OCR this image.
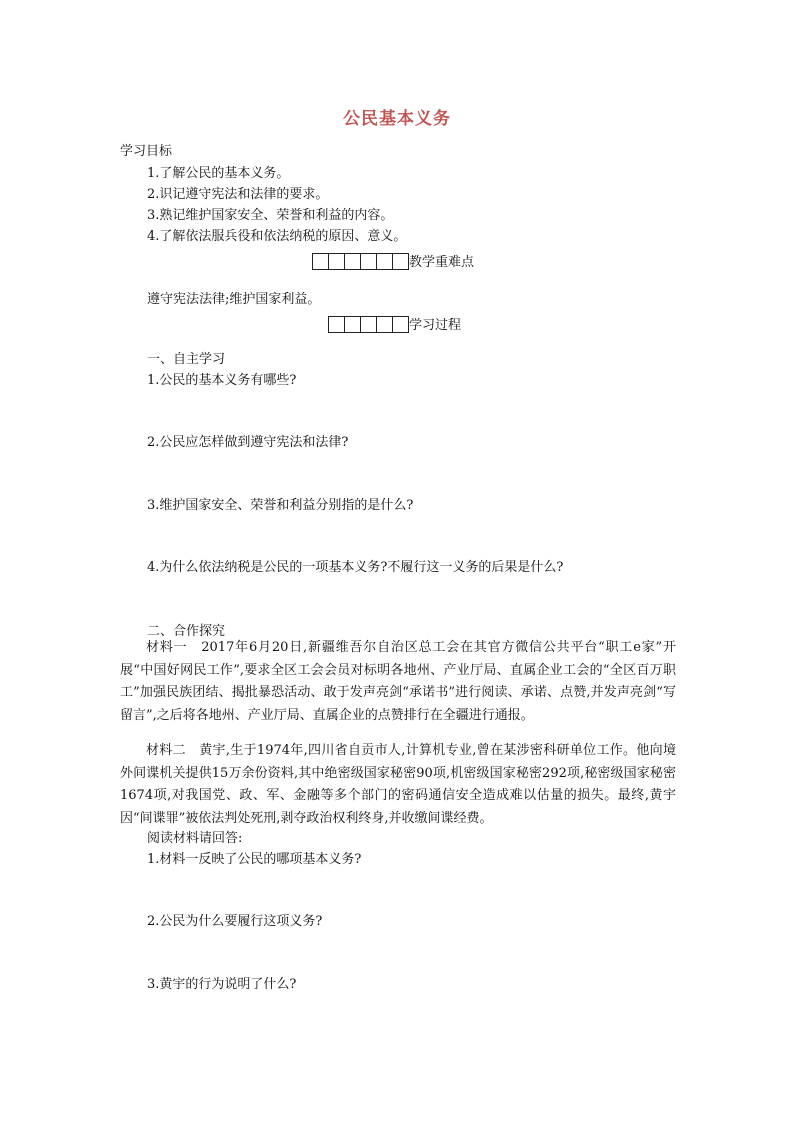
公民基本义务
学习目标
1.了解公民的基本义务。
2.识记遵守宪法和法律的要求。
3.熟记维护国家安全、荣誉和利益的内容。
4.了解依法服兵役和依法纳税的原因、意义。
教学重难点
遵守宪法法律;维护国家利益。
学习过程
一、自主学习
1.公民的基本义务有哪些?
2.公民应怎样做到遵守宪法和法律?
3.维护国家安全、荣誉和利益分别指的是什么?
4.为什么依法纳税是公民的一项基本义务?不履行这一义务的后果是什么?
二、合作探究
材料一　2017年6月20日,新疆维吾尔自治区总工会在其官方微信公共平台“职工e家”开展“中国好网民工作”,要求全区工会会员对标明各地州、产业厅局、直属企业工会的“全区百万职工”加强民族团结、揭批暴恐活动、敢于发声亮剑“承诺书”进行阅读、承诺、点赞,并发声亮剑“写留言”,之后将各地州、产业厅局、直属企业的点赞排行在全疆进行通报。
材料二　黄宇,生于1974年,四川省自贡市人,计算机专业,曾在某涉密科研单位工作。他向境外间谍机关提供15万余份资料,其中绝密级国家秘密90项,机密级国家秘密292项,秘密级国家秘密1674项,对我国党、政、军、金融等多个部门的密码通信安全造成难以估量的损失。最终,黄宇因“间谍罪”被依法判处死刑,剥夺政治权利终身,并收缴间谍经费。
阅读材料请回答:
1.材料一反映了公民的哪项基本义务?
2.公民为什么要履行这项义务?
3.黄宇的行为说明了什么?
